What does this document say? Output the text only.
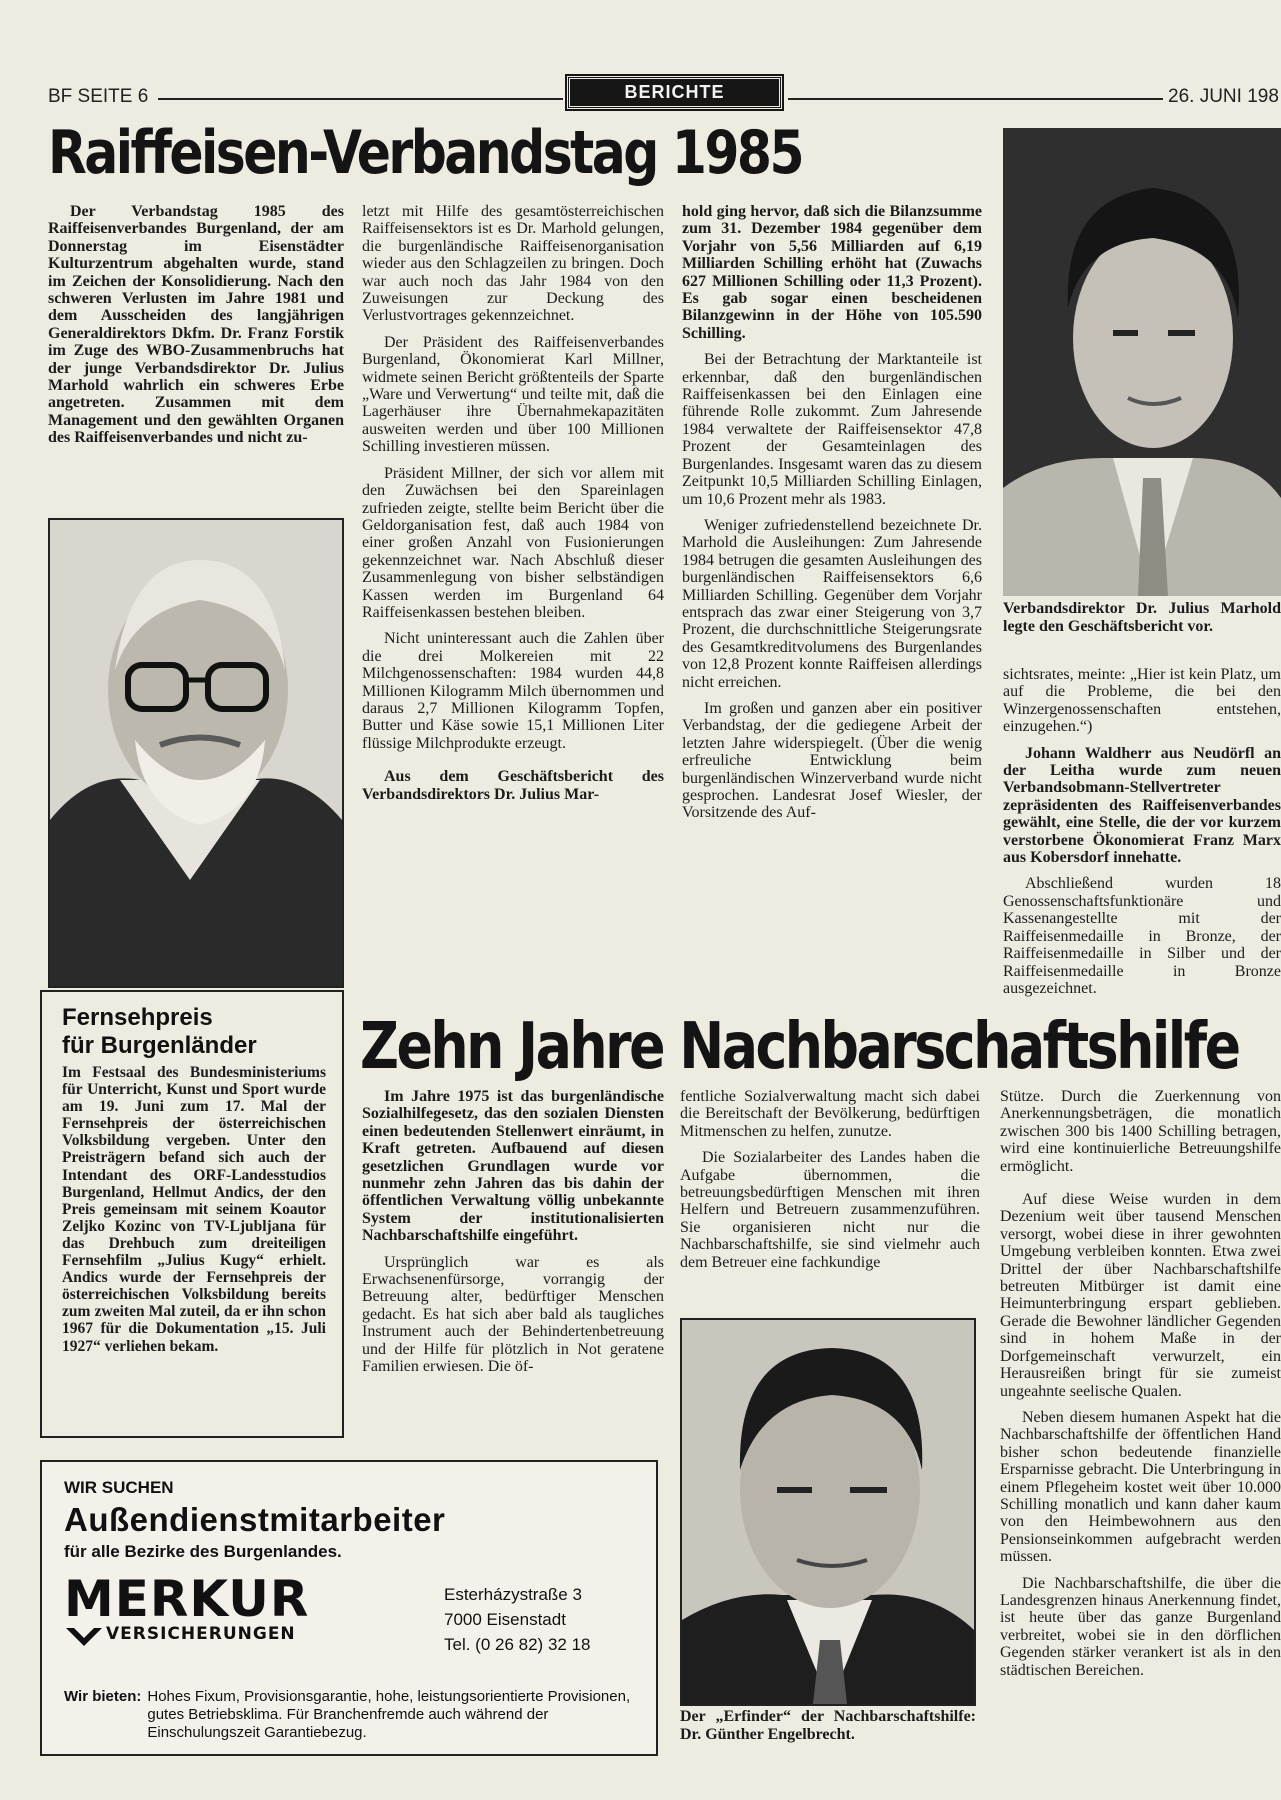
BF SEITE 6	BERICHTE	26. JUNI 198
Raiffeisen-Verbandstag 1985

Der Verbandstag 1985 des Raiffeisenverbandes Burgenland, der am Donnerstag im Eisenstädter Kulturzentrum abgehalten wurde, stand im Zeichen der Konsolidierung. Nach den schweren Verlusten im Jahre 1981 und dem Ausscheiden des langjährigen Generaldirektors Dkfm. Dr. Franz Forstik im Zuge des WBO-Zusammenbruchs hat der junge Verbandsdirektor Dr. Julius Marhold wahrlich ein schweres Erbe angetreten. Zusammen mit dem Management und den gewählten Organen des Raiffeisenverbandes und nicht zu-

Fernsehpreis
für Burgenländer
Im Festsaal des Bundesministeriums für Unterricht, Kunst und Sport wurde am 19. Juni zum 17. Mal der Fernsehpreis der österreichischen Volksbildung vergeben. Unter den Preisträgern befand sich auch der Intendant des ORF-Landesstudios Burgenland, Hellmut Andics, der den Preis gemeinsam mit seinem Koautor Zeljko Kozinc von TV-Ljubljana für das Drehbuch zum dreiteiligen Fernsehfilm „Julius Kugy“ erhielt. Andics wurde der Fernsehpreis der österreichischen Volksbildung bereits zum zweiten Mal zuteil, da er ihn schon 1967 für die Dokumentation „15. Juli 1927“ verliehen bekam.

letzt mit Hilfe des gesamtösterreichischen Raiffeisensektors ist es Dr. Marhold gelungen, die burgenländische Raiffeisenorganisation wieder aus den Schlagzeilen zu bringen. Doch war auch noch das Jahr 1984 von den Zuweisungen zur Deckung des Verlustvortrages gekennzeichnet.

Der Präsident des Raiffeisenverbandes Burgenland, Ökonomierat Karl Millner, widmete seinen Bericht größtenteils der Sparte „Ware und Verwertung“ und teilte mit, daß die Lagerhäuser ihre Übernahmekapazitäten ausweiten werden und über 100 Millionen Schilling investieren müssen.

Präsident Millner, der sich vor allem mit den Zuwächsen bei den Spareinlagen zufrieden zeigte, stellte beim Bericht über die Geldorganisation fest, daß auch 1984 von einer großen Anzahl von Fusionierungen gekennzeichnet war. Nach Abschluß dieser Zusammenlegung von bisher selbständigen Kassen werden im Burgenland 64 Raiffeisenkassen bestehen bleiben.

Nicht uninteressant auch die Zahlen über die drei Molkereien mit 22 Milchgenossenschaften: 1984 wurden 44,8 Millionen Kilogramm Milch übernommen und daraus 2,7 Millionen Kilogramm Topfen, Butter und Käse sowie 15,1 Millionen Liter flüssige Milchprodukte erzeugt.

Aus dem Geschäftsbericht des Verbandsdirektors Dr. Julius Mar-

hold ging hervor, daß sich die Bilanzsumme zum 31. Dezember 1984 gegenüber dem Vorjahr von 5,56 Milliarden auf 6,19 Milliarden Schilling erhöht hat (Zuwachs 627 Millionen Schilling oder 11,3 Prozent). Es gab sogar einen bescheidenen Bilanzgewinn in der Höhe von 105.590 Schilling.

Bei der Betrachtung der Marktanteile ist erkennbar, daß den burgenländischen Raiffeisenkassen bei den Einlagen eine führende Rolle zukommt. Zum Jahresende 1984 verwaltete der Raiffeisensektor 47,8 Prozent der Gesamteinlagen des Burgenlandes. Insgesamt waren das zu diesem Zeitpunkt 10,5 Milliarden Schilling Einlagen, um 10,6 Prozent mehr als 1983.

Weniger zufriedenstellend bezeichnete Dr. Marhold die Ausleihungen: Zum Jahresende 1984 betrugen die gesamten Ausleihungen des burgenländischen Raiffeisensektors 6,6 Milliarden Schilling. Gegenüber dem Vorjahr entsprach das zwar einer Steigerung von 3,7 Prozent, die durchschnittliche Steigerungsrate des Gesamtkreditvolumens des Burgenlandes von 12,8 Prozent konnte Raiffeisen allerdings nicht erreichen.

Im großen und ganzen aber ein positiver Verbandstag, der die gediegene Arbeit der letzten Jahre widerspiegelt. (Über die wenig erfreuliche Entwicklung beim burgenländischen Winzerverband wurde nicht gesprochen. Landesrat Josef Wiesler, der Vorsitzende des Auf-

Verbandsdirektor Dr. Julius Marhold legte den Geschäftsbericht vor.

sichtsrates, meinte: „Hier ist kein Platz, um auf die Probleme, die bei den Winzergenossenschaften entstehen, einzugehen.“)

Johann Waldherr aus Neudörfl an der Leitha wurde zum neuen Verbandsobmann-Stellvertreter zepräsidenten des Raiffeisenverbandes gewählt, eine Stelle, die der vor kurzem verstorbene Ökonomierat Franz Marx aus Kobersdorf innehatte.

Abschließend wurden 18 Genossenschaftsfunktionäre und Kassenangestellte mit der Raiffeisenmedaille in Bronze, der Raiffeisenmedaille in Silber und der Raiffeisenmedaille in Bronze ausgezeichnet.

Zehn Jahre Nachbarschaftshilfe

Im Jahre 1975 ist das burgenländische Sozialhilfegesetz, das den sozialen Diensten einen bedeutenden Stellenwert einräumt, in Kraft getreten. Aufbauend auf diesen gesetzlichen Grundlagen wurde vor nunmehr zehn Jahren das bis dahin der öffentlichen Verwaltung völlig unbekannte System der institutionalisierten Nachbarschaftshilfe eingeführt.

Ursprünglich war es als Erwachsenenfürsorge, vorrangig der Betreuung alter, bedürftiger Menschen gedacht. Es hat sich aber bald als taugliches Instrument auch der Behindertenbetreuung und der Hilfe für plötzlich in Not geratene Familien erwiesen. Die öf-

fentliche Sozialverwaltung macht sich dabei die Bereitschaft der Bevölkerung, bedürftigen Mitmenschen zu helfen, zunutze.

Die Sozialarbeiter des Landes haben die Aufgabe übernommen, die betreuungsbedürftigen Menschen mit ihren Helfern und Betreuern zusammenzuführen. Sie organisieren nicht nur die Nachbarschaftshilfe, sie sind vielmehr auch dem Betreuer eine fachkundige

Der „Erfinder“ der Nachbarschaftshilfe: Dr. Günther Engelbrecht.

Stütze. Durch die Zuerkennung von Anerkennungsbeträgen, die monatlich zwischen 300 bis 1400 Schilling betragen, wird eine kontinuierliche Betreuungshilfe ermöglicht.

Auf diese Weise wurden in dem Dezenium weit über tausend Menschen versorgt, wobei diese in ihrer gewohnten Umgebung verbleiben konnten. Etwa zwei Drittel der über Nachbarschaftshilfe betreuten Mitbürger ist damit eine Heimunterbringung erspart geblieben. Gerade die Bewohner ländlicher Gegenden sind in hohem Maße in der Dorfgemeinschaft verwurzelt, ein Herausreißen bringt für sie zumeist ungeahnte seelische Qualen.

Neben diesem humanen Aspekt hat die Nachbarschaftshilfe der öffentlichen Hand bisher schon bedeutende finanzielle Ersparnisse gebracht. Die Unterbringung in einem Pflegeheim kostet weit über 10.000 Schilling monatlich und kann daher kaum von den Heimbewohnern aus den Pensionseinkommen aufgebracht werden müssen.

Die Nachbarschaftshilfe, die über die Landesgrenzen hinaus Anerkennung findet, ist heute über das ganze Burgenland verbreitet, wobei sie in den dörflichen Gegenden stärker verankert ist als in den städtischen Bereichen.

WIR SUCHEN
Außendienstmitarbeiter
für alle Bezirke des Burgenlandes.
MERKUR
VERSICHERUNGEN
Esterházystraße 3
7000 Eisenstadt
Tel. (0 26 82) 32 18
Wir bieten: Hohes Fixum, Provisionsgarantie, hohe, leistungsorientierte Provisionen, gutes Betriebsklima. Für Branchenfremde auch während der Einschulungszeit Garantiebezug.
